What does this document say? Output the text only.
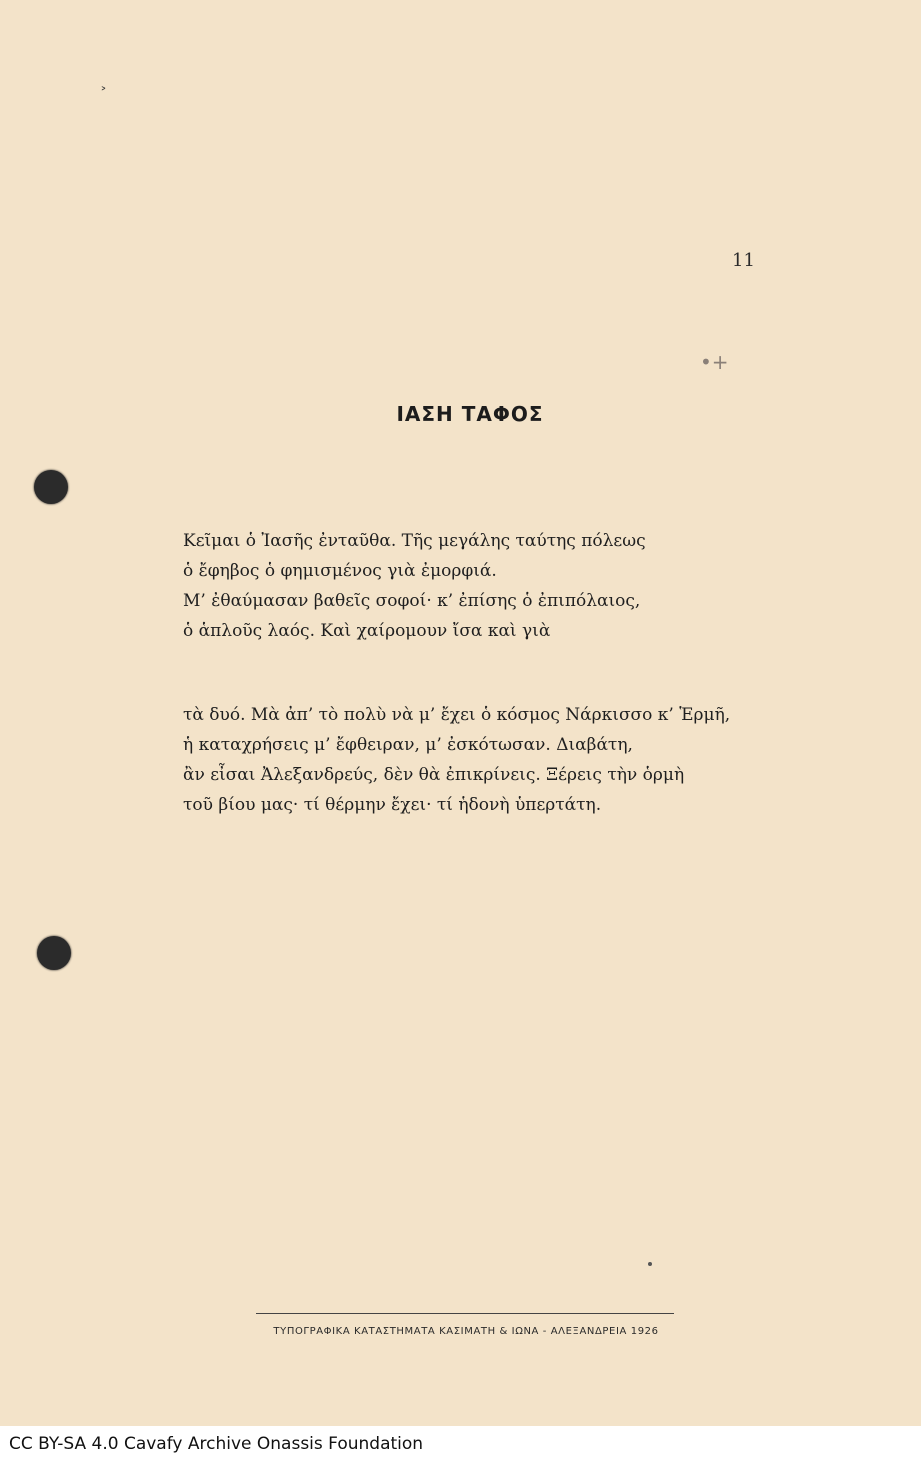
˃
•+
11
ΙΑΣΗ ΤΑΦΟΣ
Κεῖμαι ὁ Ἰασῆς ἐνταῦθα. Τῆς μεγάλης ταύτης πόλεως
ὁ ἔφηβος ὁ φημισμένος γιὰ ἐμορφιά.
Μ’ ἐθαύμασαν βαθεῖς σοφοί· κ’ ἐπίσης ὁ ἐπιπόλαιος,
ὁ ἁπλοῦς λαός. Καὶ χαίρομουν ἴσα καὶ γιὰ
τὰ δυό. Μὰ ἀπ’ τὸ πολὺ νὰ μ’ ἔχει ὁ κόσμος Νάρκισσο κ’ Ἑρμῆ,
ἡ καταχρήσεις μ’ ἔφθειραν, μ’ ἐσκότωσαν. Διαβάτη,
ἂν εἶσαι Ἀλεξανδρεύς, δὲν θὰ ἐπικρίνεις. Ξέρεις τὴν ὁρμὴ
τοῦ βίου μας· τί θέρμην ἔχει· τί ἡδονὴ ὑπερτάτη.
ΤΥΠΟΓΡΑΦΙΚΑ ΚΑΤΑΣΤΗΜΑΤΑ ΚΑΣΙΜΑΤΗ & ΙΩΝΑ - ΑΛΕΞΑΝΔΡΕΙΑ 1926
CC BY-SA 4.0 Cavafy Archive Onassis Foundation
